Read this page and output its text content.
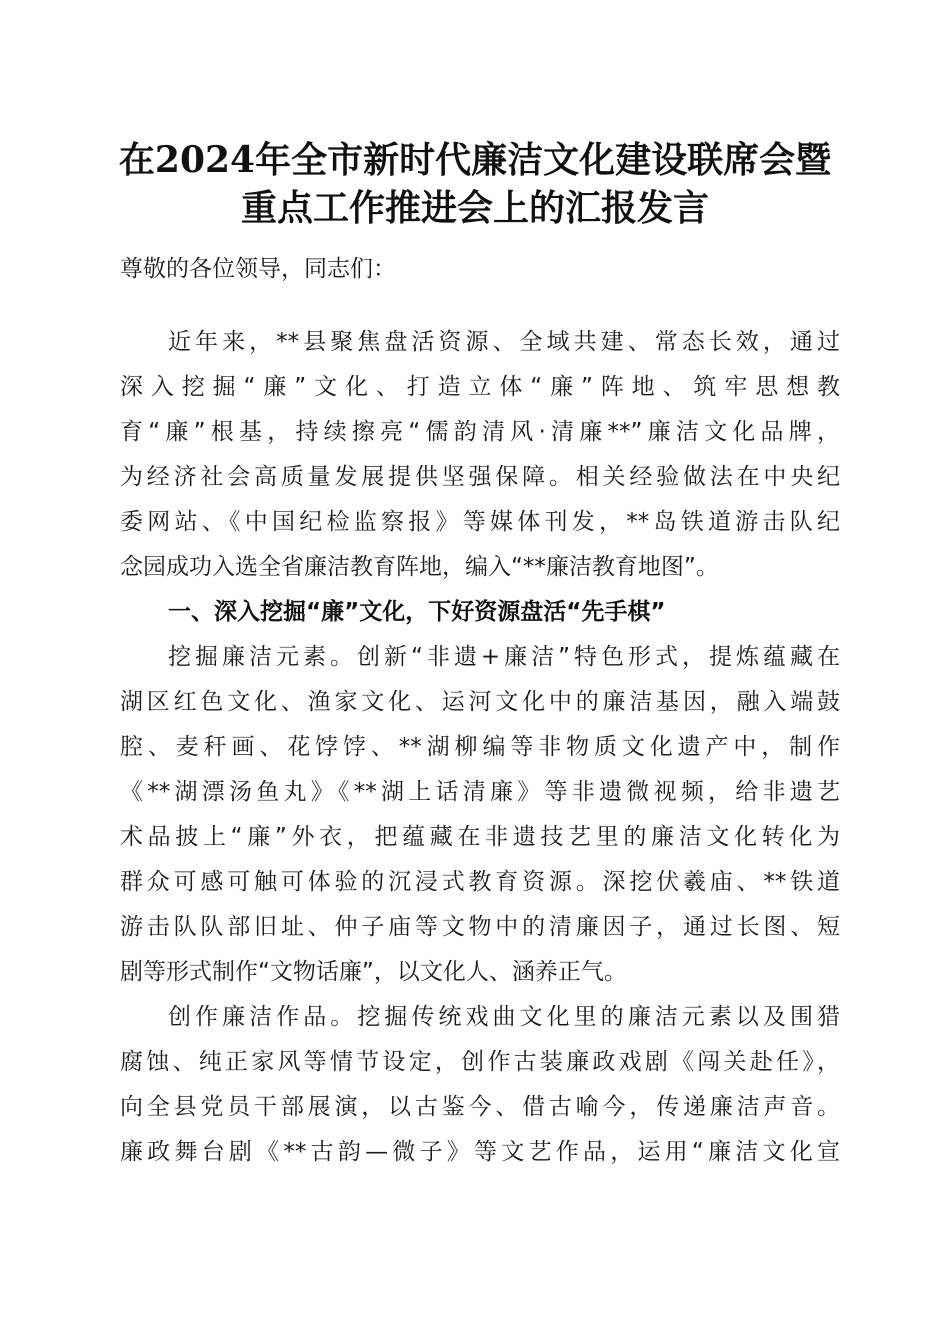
在2024年全市新时代廉洁文化建设联席会暨
重点工作推进会上的汇报发言
尊敬的各位领导，同志们：
近年来，**县聚焦盘活资源、全域共建、常态长效，通过
深入挖掘“廉”文化、打造立体“廉”阵地、筑牢思想教
育“廉”根基，持续擦亮“儒韵清风·清廉**”廉洁文化品牌，
为经济社会高质量发展提供坚强保障。相关经验做法在中央纪
委网站、《中国纪检监察报》等媒体刊发，**岛铁道游击队纪
念园成功入选全省廉洁教育阵地，编入“**廉洁教育地图”。
一、深入挖掘“廉”文化，下好资源盘活“先手棋”
挖掘廉洁元素。创新“非遗+廉洁”特色形式，提炼蕴藏在
湖区红色文化、渔家文化、运河文化中的廉洁基因，融入端鼓
腔、麦秆画、花饽饽、**湖柳编等非物质文化遗产中，制作
《**湖漂汤鱼丸》《**湖上话清廉》等非遗微视频，给非遗艺
术品披上“廉”外衣，把蕴藏在非遗技艺里的廉洁文化转化为
群众可感可触可体验的沉浸式教育资源。深挖伏羲庙、**铁道
游击队队部旧址、仲子庙等文物中的清廉因子，通过长图、短
剧等形式制作“文物话廉”，以文化人、涵养正气。
创作廉洁作品。挖掘传统戏曲文化里的廉洁元素以及围猎
腐蚀、纯正家风等情节设定，创作古装廉政戏剧《闯关赴任》，
向全县党员干部展演，以古鉴今、借古喻今，传递廉洁声音。
廉政舞台剧《**古韵—微子》等文艺作品，运用“廉洁文化宣
